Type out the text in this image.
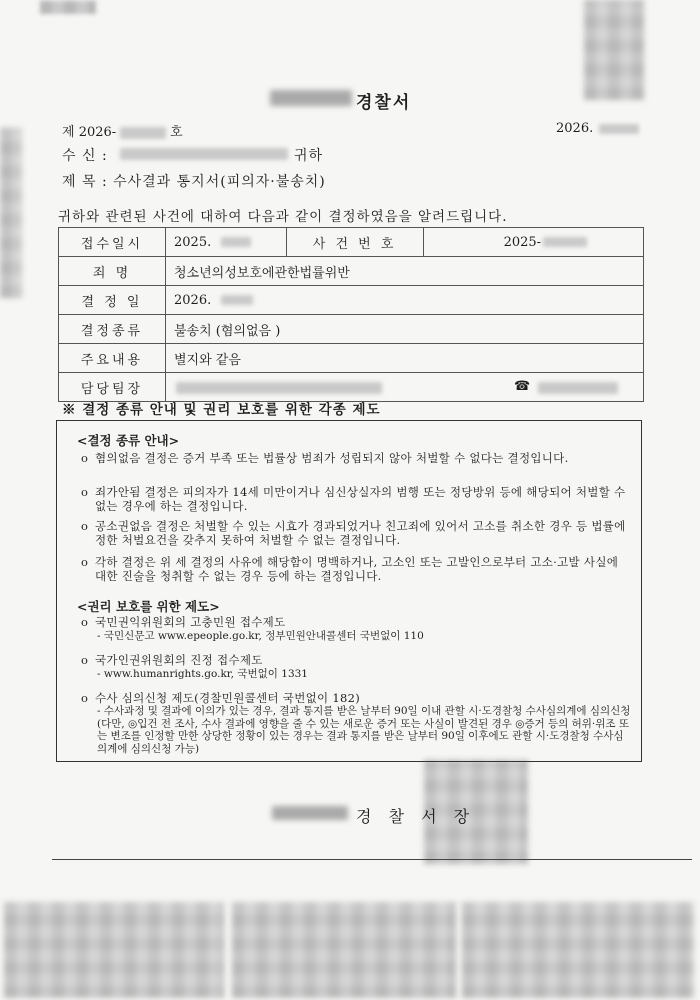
경찰서
제 2026-	호	2026.
수 신 :	귀하
제 목 : 수사결과 통지서(피의자·불송치)
귀하와 관련된 사건에 대하여 다음과 같이 결정하였음을 알려드립니다.
접수일시	2025.	사 건 번 호	2025-
죄 명	청소년의성보호에관한법률위반		
결 정 일	2026.		
결정종류	불송치 (혐의없음 )		
주요내용	별지와 같음		
담당팀장	☎		
※ 결정 종류 안내 및 권리 보호를 위한 각종 제도
<결정 종류 안내>
o 혐의없음 결정은 증거 부족 또는 법률상 범죄가 성립되지 않아 처벌할 수 없다는 결정입니다.
o 죄가안됨 결정은 피의자가 14세 미만이거나 심신상실자의 범행 또는 정당방위 등에 해당되어 처벌할 수 없는 경우에 하는 결정입니다.
o 공소권없음 결정은 처벌할 수 있는 시효가 경과되었거나 친고죄에 있어서 고소를 취소한 경우 등 법률에 정한 처벌요건을 갖추지 못하여 처벌할 수 없는 결정입니다.
o 각하 결정은 위 세 결정의 사유에 해당함이 명백하거나, 고소인 또는 고발인으로부터 고소·고발 사실에 대한 진술을 청취할 수 없는 경우 등에 하는 결정입니다.
<권리 보호를 위한 제도>
o 국민권익위원회의 고충민원 접수제도
- 국민신문고 www.epeople.go.kr, 정부민원안내콜센터 국번없이 110
o 국가인권위원회의 진정 접수제도
- www.humanrights.go.kr, 국번없이 1331
o 수사 심의신청 제도(경찰민원콜센터 국번없이 182)
- 수사과정 및 결과에 이의가 있는 경우, 결과 통지를 받은 날부터 90일 이내 관할 시·도경찰청 수사심의계에 심의신청 (다만, ◎입건 전 조사, 수사 결과에 영향을 줄 수 있는 새로운 증거 또는 사실이 발견된 경우 ◎증거 등의 허위·위조 또는 변조를 인정할 만한 상당한 정황이 있는 경우는 결과 통지를 받은 날부터 90일 이후에도 관할 시·도경찰청 수사심의계에 심의신청 가능)
경 찰 서 장
